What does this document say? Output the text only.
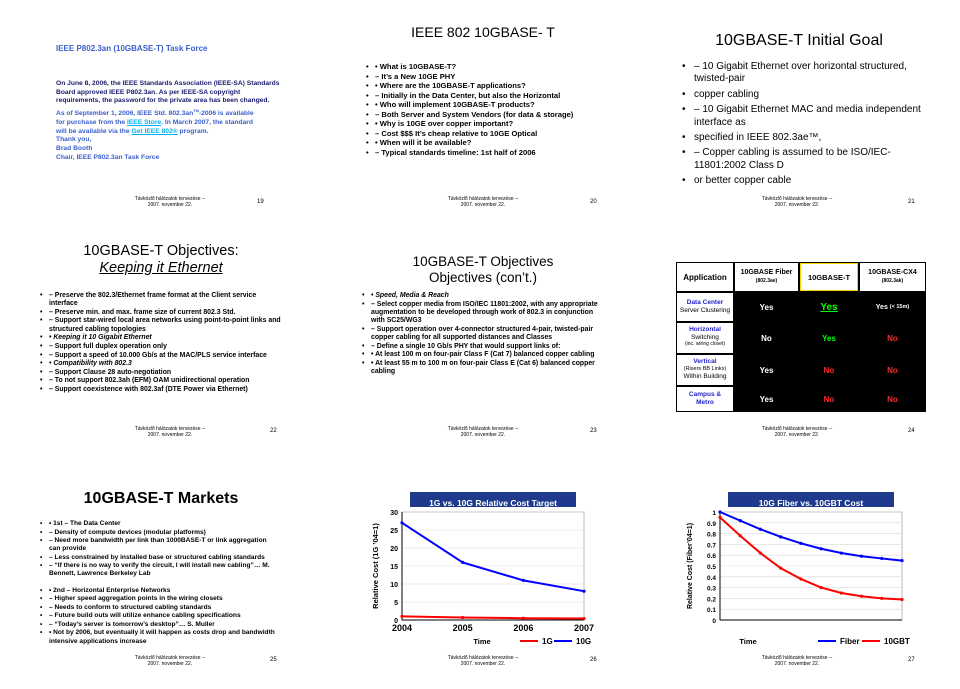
IEEE P802.3an (10GBASE-T) Task Force
On June 8, 2006, the IEEE Standards Association (IEEE-SA) Standards Board approved IEEE P802.3an. As per IEEE-SA copyright requirements, the password for the private area has been changed.
As of September 1, 2006, IEEE Std. 802.3an™-2006 is available
for purchase from the IEEE Store. In March 2007, the standard
will be available via the Get IEEE 802® program.
Thank you,
Brad Booth
Chair, IEEE P802.3an Task Force
Távközlő hálózatok tervezése --
2007. november 22.	19
IEEE 802 10GBASE- T
• • What is 10GBASE-T?
• – It’s a New 10GE PHY
• • Where are the 10GBASE-T applications?
• – Initially in the Data Center, but also the Horizontal
• • Who will implement 10GBASE-T products?
• – Both Server and System Vendors (for data & storage)
• • Why is 10GE over copper important?
• – Cost $$$ It’s cheap relative to 10GE Optical
• • When will it be available?
• – Typical standards timeline: 1st half of 2006
Távközlő hálózatok tervezése --
2007. november 22.	20
10GBASE-T Initial Goal
• – 10 Gigabit Ethernet over horizontal structured, twisted-pair
• copper cabling
• – 10 Gigabit Ethernet MAC and media independent interface as
• specified in IEEE 802.3ae™,
• – Copper cabling is assumed to be ISO/IEC-11801:2002 Class D
• or better copper cable
Távközlő hálózatok tervezése --
2007. november 22.	21
10GBASE-T Objectives:
Keeping it Ethernet
• – Preserve the 802.3/Ethernet frame format at the Client service interface
• – Preserve min. and max. frame size of current 802.3 Std.
• – Support star-wired local area networks using point-to-point links and structured cabling topologies
• • Keeping it 10 Gigabit Ethernet
• – Support full duplex operation only
• – Support a speed of 10.000 Gb/s at the MAC/PLS service interface
• • Compatibility with 802.3
• – Support Clause 28 auto-negotiation
• – To not support 802.3ah (EFM) OAM unidirectional operation
• – Support coexistence with 802.3af (DTE Power via Ethernet)
Távközlő hálózatok tervezése --
2007. november 22.
22
10GBASE-T Objectives
Objectives (con’t.)
• • Speed, Media & Reach
• – Select copper media from ISO/IEC 11801:2002, with any appropriate augmentation to be developed through work of 802.3 in conjunction with SC25/WG3
• – Support operation over 4-connector structured 4-pair, twisted-pair copper cabling for all supported distances and Classes
• – Define a single 10 Gb/s PHY that would support links of:
• • At least 100 m on four-pair Class F (Cat 7) balanced copper cabling
• • At least 55 m to 100 m on four-pair Class E (Cat 6) balanced copper cabling
Távközlő hálózatok tervezése --
2007. november 22.
23
Application	10GBASE Fiber
(802.3ae)	10GBASE-T	10GBASE-CX4
(802.3ak)
Data Center
Server Clustering	Yes	Yes	Yes
(< 15m)
Horizontal
Switching
(inc. wiring closet)
No	Yes	No
Vertical
(Risers BB Links)
Within Building
Yes	No	No
Campus &
Metro	Yes	No	No
Távközlő hálózatok tervezése --
2007. november 22.
24
10GBASE-T Markets
• • 1st – The Data Center
• – Density of compute devices (modular platforms)
• – Need more bandwidth per link than 1000BASE-T or link aggregation can provide
• – Less constrained by installed base or structured cabling standards
• – “If there is no way to verify the circuit, I will install new cabling”… M. Bennett, Lawrence Berkeley Lab
• • 2nd – Horizontal Enterprise Networks
• – Higher speed aggregation points in the wiring closets
• – Needs to conform to structured cabling standards
• – Future build outs will utilize enhance cabling specifications
• – “Today’s server is tomorrow’s desktop”… S. Muller
• • Not by 2006, but eventually it will happen as costs drop and bandwidth intensive applications increase
Távközlő hálózatok tervezése --
2007. november 22.
25
1G vs. 10G Relative Cost Target
0
5
10
15
20
25
30
2004	2005	2006	2007
Relative Cost (1G ’04=1)
Time	1G	10G
Távközlő hálózatok tervezése --
2007. november 22.
26
10G Fiber vs. 10GBT Cost
0
0.1
0.2
0.3
0.4
0.5
0.6
0.7
0.8
0.9
1
Relative Cost (Fiber’04=1)
Time	Fiber	10GBT
Távközlő hálózatok tervezése --
2007. november 22.
27
